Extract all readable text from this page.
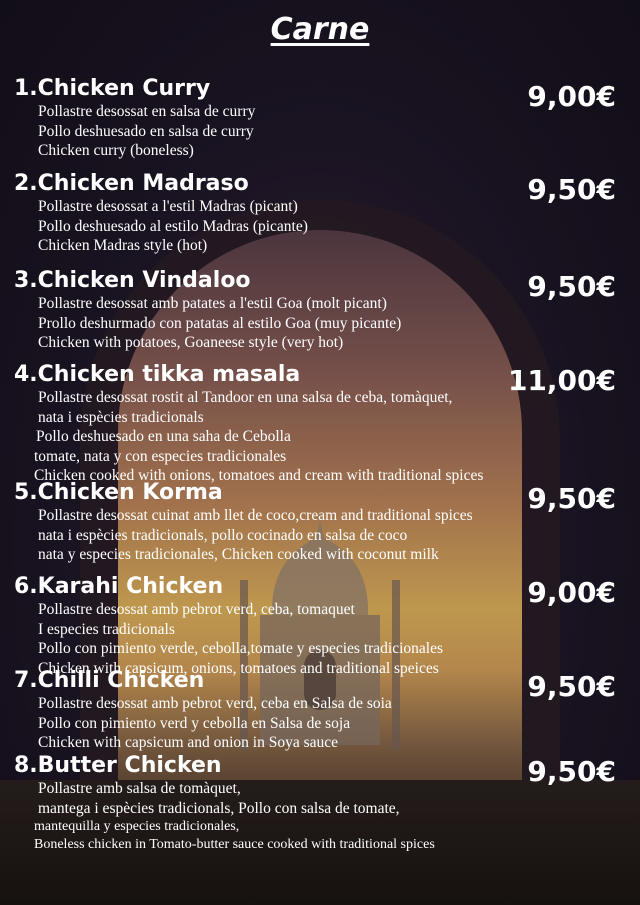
Carne
1.Chicken Curry	9,00€
Pollastre desossat en salsa de curry
Pollo deshuesado en salsa de curry
Chicken curry (boneless)
2.Chicken Madraso	9,50€
Pollastre desossat a l'estil Madras (picant)
Pollo deshuesado al estilo Madras (picante)
Chicken Madras style (hot)
3.Chicken Vindaloo	9,50€
Pollastre desossat amb patates a l'estil Goa (molt picant)
Prollo deshurmado con patatas al estilo Goa (muy picante)
Chicken with potatoes, Goaneese style (very hot)
4.Chicken tikka masala	11,00€
Pollastre desossat rostit al Tandoor en una salsa de ceba, tomàquet,
nata i espècies tradicionals
Pollo deshuesado en una saha de Cebolla
tomate, nata y con especies tradicionales
Chicken cooked with onions, tomatoes and cream with traditional spices
5.Chicken Korma	9,50€
Pollastre desossat cuinat amb llet de coco,cream and traditional spices
nata i espècies tradicionals, pollo cocinado en salsa de coco
nata y especies tradicionales, Chicken cooked with coconut milk
6.Karahi Chicken	9,00€
Pollastre desossat amb pebrot verd, ceba, tomaquet
I especies tradicionals
Pollo con pimiento verde, cebolla,tomate y especies tradicionales
Chicken with capsicum, onions, tomatoes and traditional speices
7.Chilli Chicken	9,50€
Pollastre desossat amb pebrot verd, ceba en Salsa de soia
Pollo con pimiento verd y cebolla en Salsa de soja
Chicken with capsicum and onion in Soya sauce
8.Butter Chicken	9,50€
Pollastre amb salsa de tomàquet,
mantega i espècies tradicionals, Pollo con salsa de tomate,
mantequilla y especies tradicionales,
Boneless chicken in Tomato-butter sauce cooked with traditional spices
